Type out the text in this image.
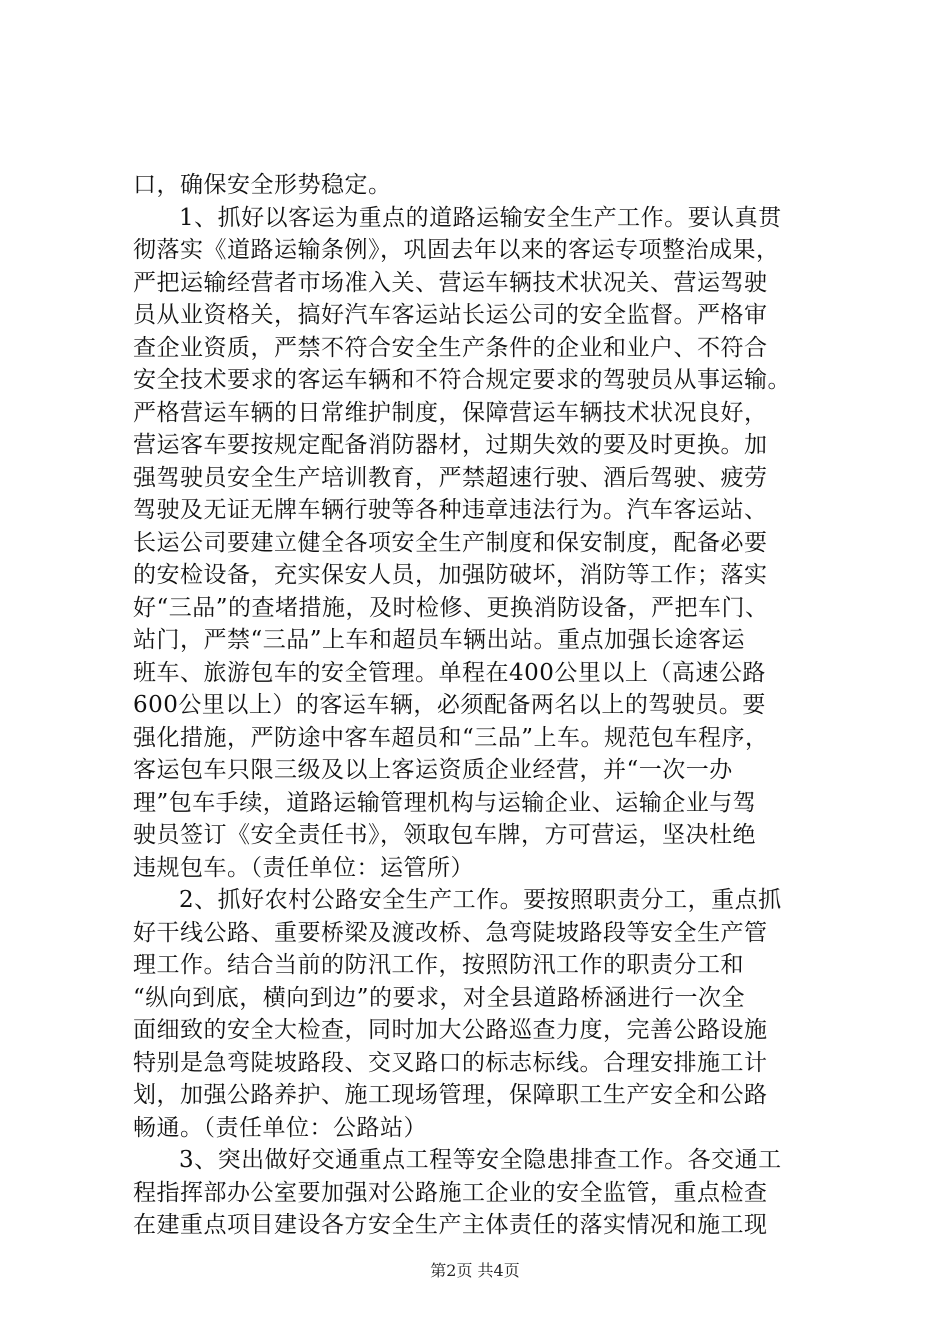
口，确保安全形势稳定。
1、抓好以客运为重点的道路运输安全生产工作。要认真贯
彻落实《道路运输条例》，巩固去年以来的客运专项整治成果，
严把运输经营者市场准入关、营运车辆技术状况关、营运驾驶
员从业资格关，搞好汽车客运站长运公司的安全监督。严格审
查企业资质，严禁不符合安全生产条件的企业和业户、不符合
安全技术要求的客运车辆和不符合规定要求的驾驶员从事运输。
严格营运车辆的日常维护制度，保障营运车辆技术状况良好，
营运客车要按规定配备消防器材，过期失效的要及时更换。加
强驾驶员安全生产培训教育，严禁超速行驶、酒后驾驶、疲劳
驾驶及无证无牌车辆行驶等各种违章违法行为。汽车客运站、
长运公司要建立健全各项安全生产制度和保安制度，配备必要
的安检设备，充实保安人员，加强防破坏，消防等工作；落实
好“三品”的查堵措施，及时检修、更换消防设备，严把车门、
站门，严禁“三品”上车和超员车辆出站。重点加强长途客运
班车、旅游包车的安全管理。单程在400公里以上（高速公路
600公里以上）的客运车辆，必须配备两名以上的驾驶员。要
强化措施，严防途中客车超员和“三品”上车。规范包车程序，
客运包车只限三级及以上客运资质企业经营，并“一次一办
理”包车手续，道路运输管理机构与运输企业、运输企业与驾
驶员签订《安全责任书》，领取包车牌，方可营运，坚决杜绝
违规包车。（责任单位：运管所）
2、抓好农村公路安全生产工作。要按照职责分工，重点抓
好干线公路、重要桥梁及渡改桥、急弯陡坡路段等安全生产管
理工作。结合当前的防汛工作，按照防汛工作的职责分工和
“纵向到底，横向到边”的要求，对全县道路桥涵进行一次全
面细致的安全大检查，同时加大公路巡查力度，完善公路设施
特别是急弯陡坡路段、交叉路口的标志标线。合理安排施工计
划，加强公路养护、施工现场管理，保障职工生产安全和公路
畅通。（责任单位：公路站）
3、突出做好交通重点工程等安全隐患排查工作。各交通工
程指挥部办公室要加强对公路施工企业的安全监管，重点检查
在建重点项目建设各方安全生产主体责任的落实情况和施工现
第2页 共4页
